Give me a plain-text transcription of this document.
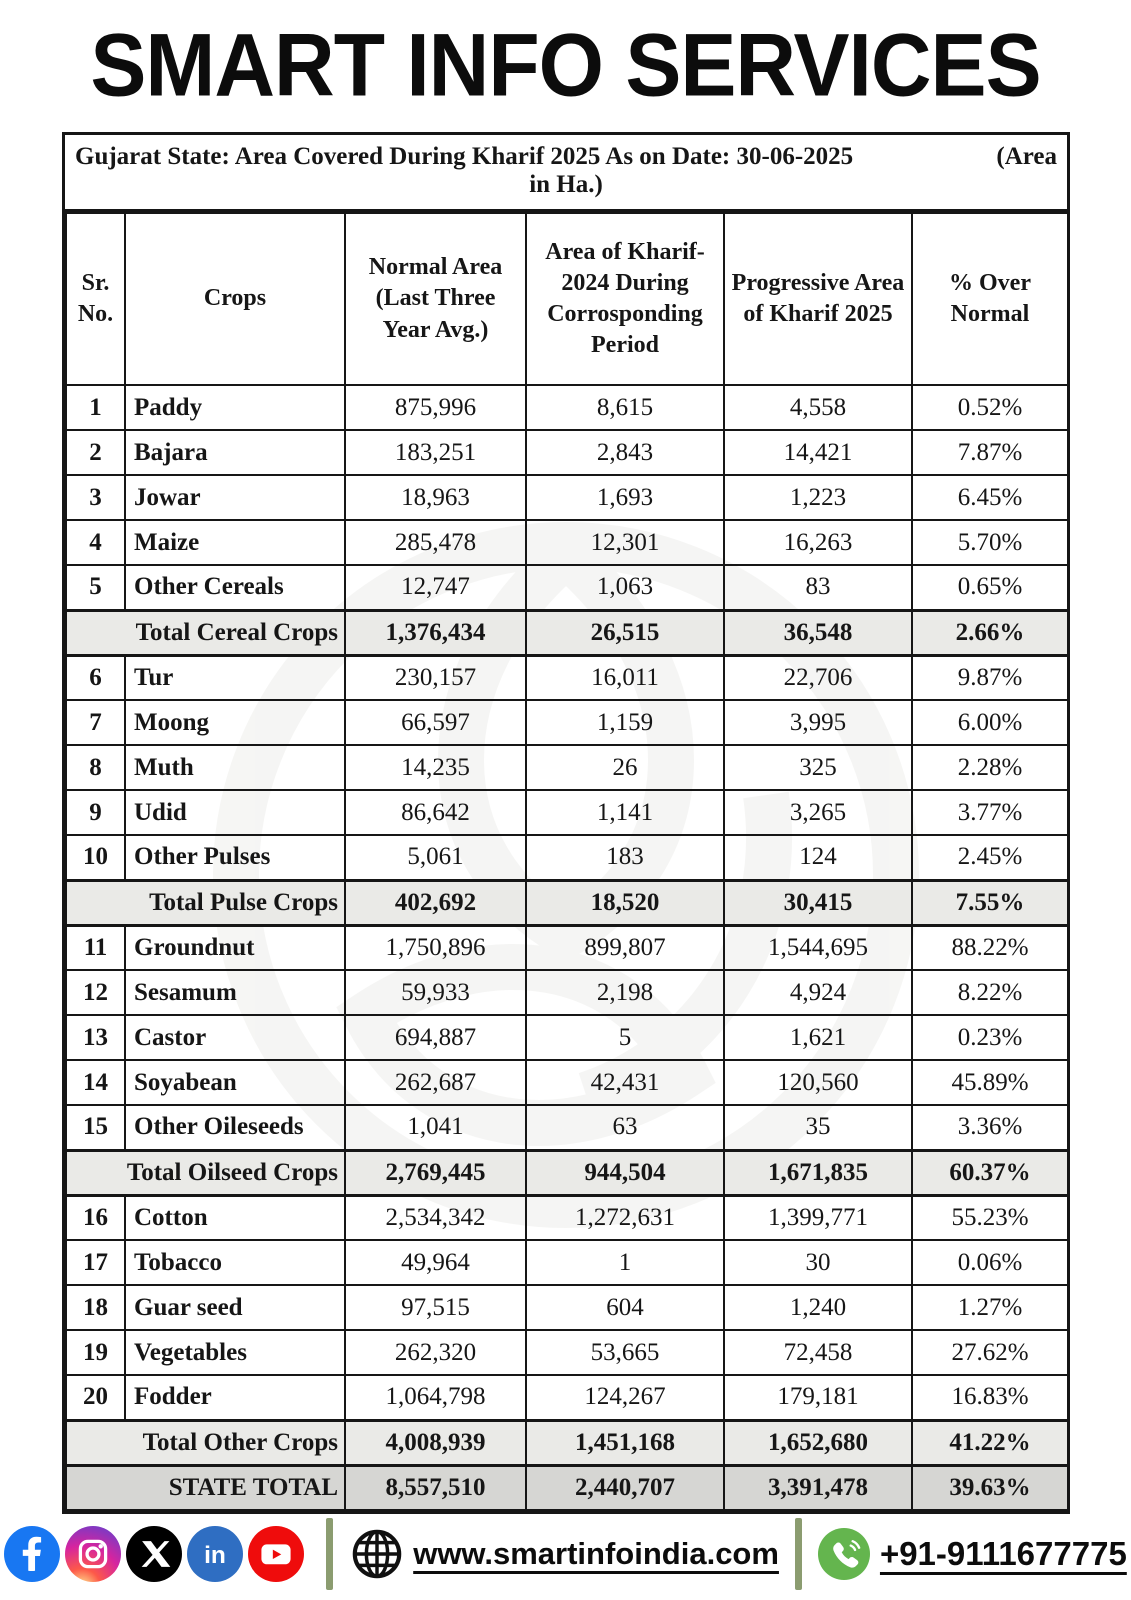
SMART INFO SERVICES
Gujarat State: Area Covered During Kharif 2025 As on Date: 30-06-2025	(Area
in Ha.)
Sr. No.	Crops	Normal Area (Last Three Year Avg.)	Area of Kharif-2024 During Corrosponding Period	Progressive Area of Kharif 2025	% Over Normal
1	Paddy	875,996	8,615	4,558	0.52%
2	Bajara	183,251	2,843	14,421	7.87%
3	Jowar	18,963	1,693	1,223	6.45%
4	Maize	285,478	12,301	16,263	5.70%
5	Other Cereals	12,747	1,063	83	0.65%
Total Cereal Crops		1,376,434	26,515	36,548	2.66%
6	Tur	230,157	16,011	22,706	9.87%
7	Moong	66,597	1,159	3,995	6.00%
8	Muth	14,235	26	325	2.28%
9	Udid	86,642	1,141	3,265	3.77%
10	Other Pulses	5,061	183	124	2.45%
Total Pulse Crops		402,692	18,520	30,415	7.55%
11	Groundnut	1,750,896	899,807	1,544,695	88.22%
12	Sesamum	59,933	2,198	4,924	8.22%
13	Castor	694,887	5	1,621	0.23%
14	Soyabean	262,687	42,431	120,560	45.89%
15	Other Oileseeds	1,041	63	35	3.36%
Total Oilseed Crops		2,769,445	944,504	1,671,835	60.37%
16	Cotton	2,534,342	1,272,631	1,399,771	55.23%
17	Tobacco	49,964	1	30	0.06%
18	Guar seed	97,515	604	1,240	1.27%
19	Vegetables	262,320	53,665	72,458	27.62%
20	Fodder	1,064,798	124,267	179,181	16.83%
Total Other Crops		4,008,939	1,451,168	1,652,680	41.22%
STATE TOTAL		8,557,510	2,440,707	3,391,478	39.63%
in	www.smartinfoindia.com	+91-9111677775
